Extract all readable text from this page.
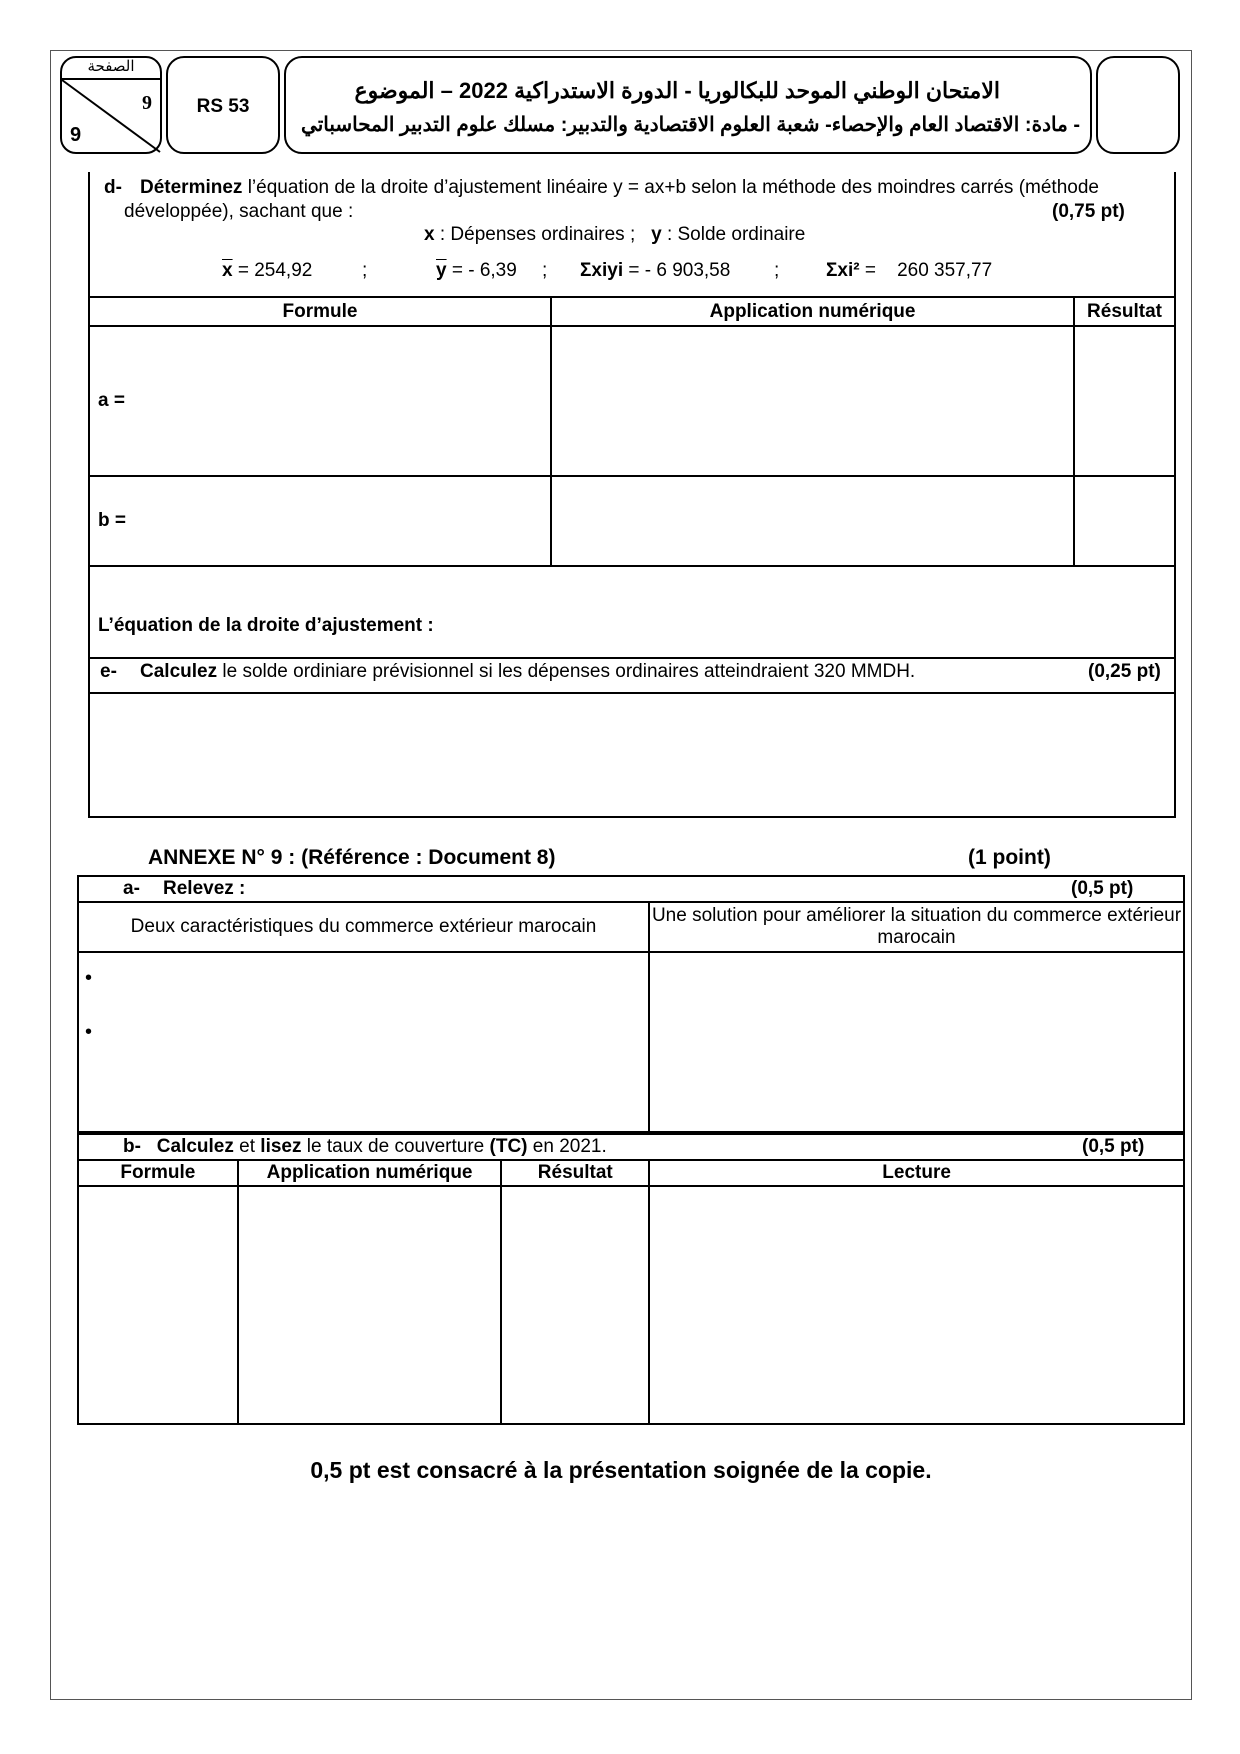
الصفحة
9
9
RS 53
الامتحان الوطني الموحد للبكالوريا - الدورة الاستدراكية 2022 – الموضوع
- مادة: الاقتصاد العام والإحصاء- شعبة العلوم الاقتصادية والتدبير: مسلك علوم التدبير المحاسباتي
d- Déterminez l’équation de la droite d’ajustement linéaire y = ax+b selon la méthode des moindres carrés (méthode
développée), sachant que :	(0,75 pt)
x : Dépenses ordinaires ; y : Solde ordinaire
$\overline{x} = 254,92$	;	$\overline{y}$ = - 6,39 ; Σxiyi = - 6 903,58 ; Σxi² =    260 357,77
Formule	Application numérique	Résultat
a =		
b =		
L’équation de la droite d’ajustement :		
e- Calculez le solde ordiniare prévisionnel si les dépenses ordinaires atteindraient 320 MMDH.	(0,25 pt)
ANNEXE N° 9 : (Référence : Document 8)	(1 point)
a- Relevez : (0,5 pt)	

Deux caractéristiques du commerce extérieur marocain	Une solution pour améliorer la situation du commerce extérieur marocain

•
•	

b- Calculez et lisez le taux de couverture (TC) en 2021. (0,5 pt)			

Formule	Application numérique	Résultat	Lecture

0,5 pt est consacré à la présentation soignée de la copie.
